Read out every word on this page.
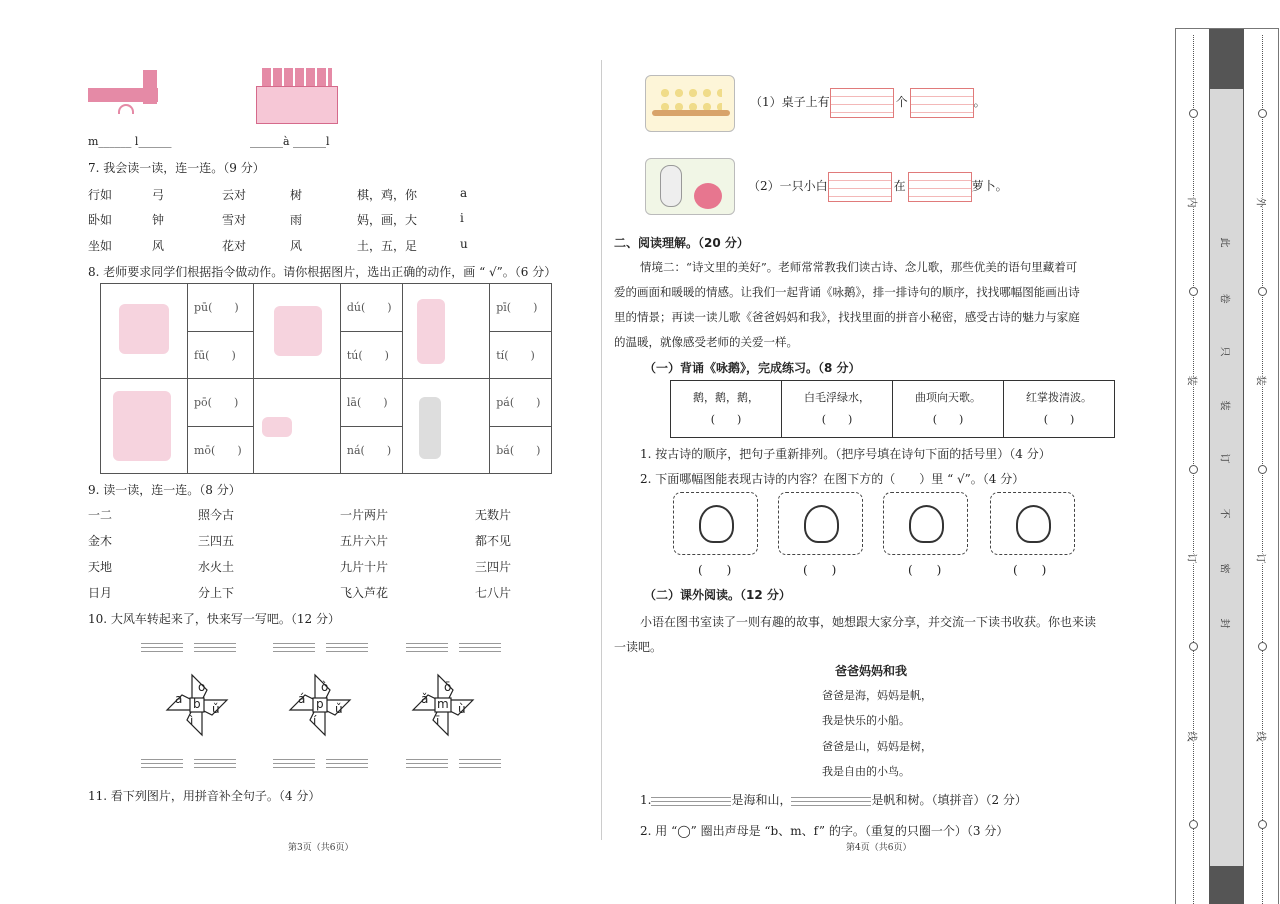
m______ l______	______à ______l
7. 我会读一读，连一连。（9 分）
行如	弓	云对	树	棋，鸡，你	a
卧如	钟	雪对	雨	妈，画，大	i
坐如	风	花对	风	土，五，足	u
8. 老师要求同学们根据指令做动作。请你根据图片，选出正确的动作，画 “ √”。（6 分）
	pū(　　)		dú(　　)		pī(　　)
	fū(　　)		tú(　　)		tí(　　)

	pō(　　)		lā(　　)		pá(　　)
	mō(　　)		ná(　　)		bá(　　)
9. 读一读，连一连。（8 分）
一二	照今古	一片两片	无数片
金木	三四五	五片六片	都不见
天地	水火土	九片十片	三四片
日月	分上下	飞入芦花	七八片
10. 大风车转起来了，快来写一写吧。（12 分）
b
o
a
ǔ
ì
p
ò
á
ǔ
í
m
ō
ǎ
ù
ī
11. 看下列图片，用拼音补全句子。（4 分）
第3页（共6页）
（1）桌子上有	个	。
（2）一只小白	在	萝卜。
二、阅读理解。（20 分）
情境二：“诗文里的美好”。老师常常教我们读古诗、念儿歌，那些优美的语句里藏着可
爱的画面和暖暖的情感。让我们一起背诵《咏鹅》，排一排诗句的顺序，找找哪幅图能画出诗
里的情景；再读一读儿歌《爸爸妈妈和我》，找找里面的拼音小秘密，感受古诗的魅力与家庭
的温暖，就像感受老师的关爱一样。
（一）背诵《咏鹅》，完成练习。（8 分）
鹅，鹅，鹅，
(　　)

白毛浮绿水，
(　　)

曲项向天歌。
(　　)

红掌拨清波。
(　　)
1. 按古诗的顺序，把句子重新排列。（把序号填在诗句下面的括号里）（4 分）
2. 下面哪幅图能表现古诗的内容？在图下方的（　　）里 “ √”。（4 分）
(　　)	(　　)	(　　)	(　　)
（二）课外阅读。（12 分）
小语在图书室读了一则有趣的故事，她想跟大家分享，并交流一下读书收获。你也来读
一读吧。
爸爸妈妈和我
爸爸是海，妈妈是帆，
我是快乐的小船。
爸爸是山，妈妈是树，
我是自由的小鸟。
1.	是海和山，	是帆和树。（填拼音）（2 分）
2. 用 “◯” 圈出声母是 “b、m、f” 的字。（重复的只圈一个）（3 分）
第4页（共6页）
此
卷
只
装
订
不
密
封
内
装
订
线
外
装
订
线
